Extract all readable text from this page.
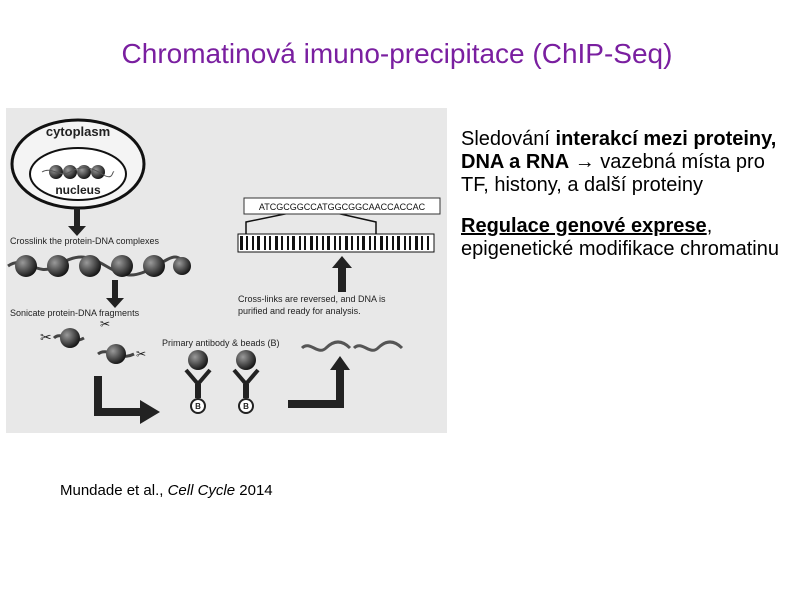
Chromatinová imuno-precipitace (ChIP-Seq)
cytoplasm
nucleus
Crosslink the protein-DNA complexes
Sonicate protein-DNA fragments
✂
✂
✂
Primary antibody & beads (B)
B	B
Cross-links are reversed, and DNA is
purified and ready for analysis.
ATCGCGGCCATGGCGGCAACCACCAC

Sledování interakcí mezi proteiny, DNA a RNA → vazebná místa pro TF, histony, a další proteiny

Regulace genové exprese, epigenetické modifikace chromatinu

Mundade et al., Cell Cycle 2014
